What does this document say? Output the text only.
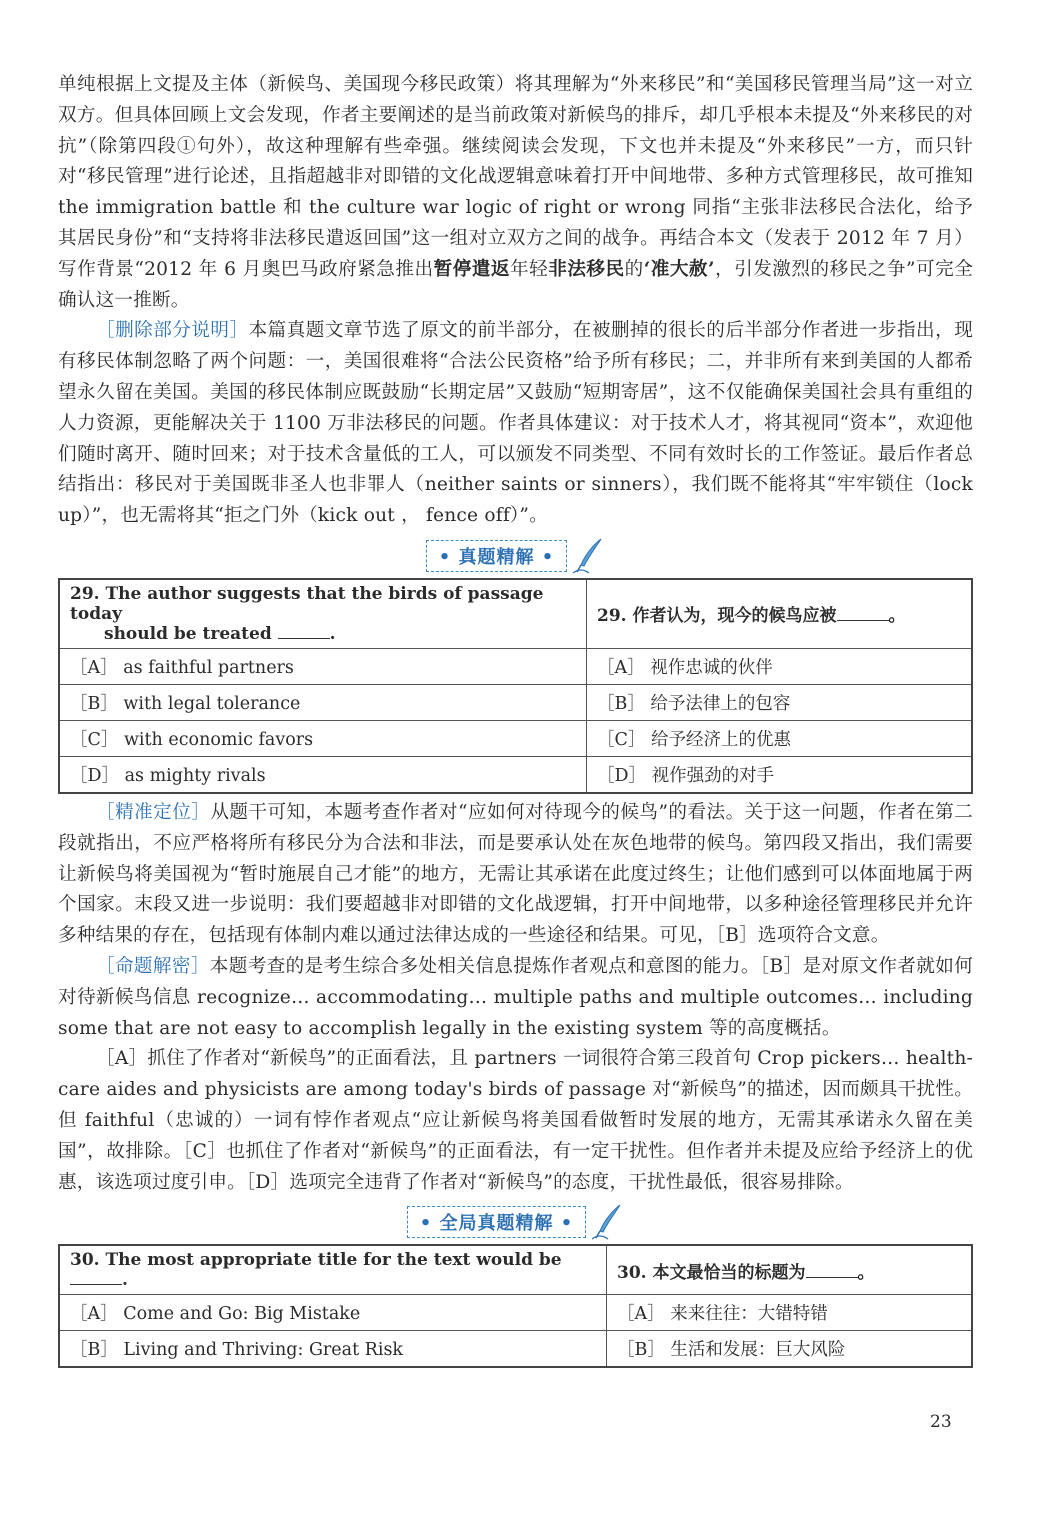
单纯根据上文提及主体（新候鸟、美国现今移民政策）将其理解为“外来移民”和“美国移民管理当局”这一对立双方。但具体回顾上文会发现，作者主要阐述的是当前政策对新候鸟的排斥，却几乎根本未提及“外来移民的对抗”（除第四段①句外），故这种理解有些牵强。继续阅读会发现，下文也并未提及“外来移民”一方，而只针对“移民管理”进行论述，且指超越非对即错的文化战逻辑意味着打开中间地带、多种方式管理移民，故可推知 the immigration battle 和 the culture war logic of right or wrong 同指“主张非法移民合法化，给予其居民身份”和“支持将非法移民遣返回国”这一组对立双方之间的战争。再结合本文（发表于 2012 年 7 月）写作背景“2012 年 6 月奥巴马政府紧急推出暂停遣返年轻非法移民的‘准大赦’，引发激烈的移民之争”可完全确认这一推断。

［删除部分说明］本篇真题文章节选了原文的前半部分，在被删掉的很长的后半部分作者进一步指出，现有移民体制忽略了两个问题：一，美国很难将“合法公民资格”给予所有移民；二，并非所有来到美国的人都希望永久留在美国。美国的移民体制应既鼓励“长期定居”又鼓励“短期寄居”，这不仅能确保美国社会具有重组的人力资源，更能解决关于 1100 万非法移民的问题。作者具体建议：对于技术人才，将其视同“资本”，欢迎他们随时离开、随时回来；对于技术含量低的工人，可以颁发不同类型、不同有效时长的工作签证。最后作者总结指出：移民对于美国既非圣人也非罪人（neither saints or sinners），我们既不能将其“牢牢锁住（lock up）”，也无需将其“拒之门外（kick out ， fence off）”。

• 真题精解 •
29. The author suggests that the birds of passage today
should be treated .	29. 作者认为，现今的候鸟应被 。
［A］ as faithful partners	［A］ 视作忠诚的伙伴
［B］ with legal tolerance	［B］ 给予法律上的包容
［C］ with economic favors	［C］ 给予经济上的优惠
［D］ as mighty rivals	［D］ 视作强劲的对手

［精准定位］从题干可知，本题考查作者对“应如何对待现今的候鸟”的看法。关于这一问题，作者在第二段就指出，不应严格将所有移民分为合法和非法，而是要承认处在灰色地带的候鸟。第四段又指出，我们需要让新候鸟将美国视为“暂时施展自己才能”的地方，无需让其承诺在此度过终生；让他们感到可以体面地属于两个国家。末段又进一步说明：我们要超越非对即错的文化战逻辑，打开中间地带，以多种途径管理移民并允许多种结果的存在，包括现有体制内难以通过法律达成的一些途径和结果。可见，［B］选项符合文意。

［命题解密］本题考查的是考生综合多处相关信息提炼作者观点和意图的能力。［B］是对原文作者就如何对待新候鸟信息 recognize… accommodating… multiple paths and multiple outcomes… including some that are not easy to accomplish legally in the existing system 等的高度概括。

［A］抓住了作者对“新候鸟”的正面看法，且 partners 一词很符合第三段首句 Crop pickers… health-care aides and physicists are among today's birds of passage 对“新候鸟”的描述，因而颇具干扰性。但 faithful（忠诚的）一词有悖作者观点“应让新候鸟将美国看做暂时发展的地方，无需其承诺永久留在美国”，故排除。［C］也抓住了作者对“新候鸟”的正面看法，有一定干扰性。但作者并未提及应给予经济上的优惠，该选项过度引申。［D］选项完全违背了作者对“新候鸟”的态度，干扰性最低，很容易排除。

• 全局真题精解 •
30. The most appropriate title for the text would be .	30. 本文最恰当的标题为 。
［A］ Come and Go: Big Mistake	［A］ 来来往往：大错特错
［B］ Living and Thriving: Great Risk	［B］ 生活和发展：巨大风险
23
